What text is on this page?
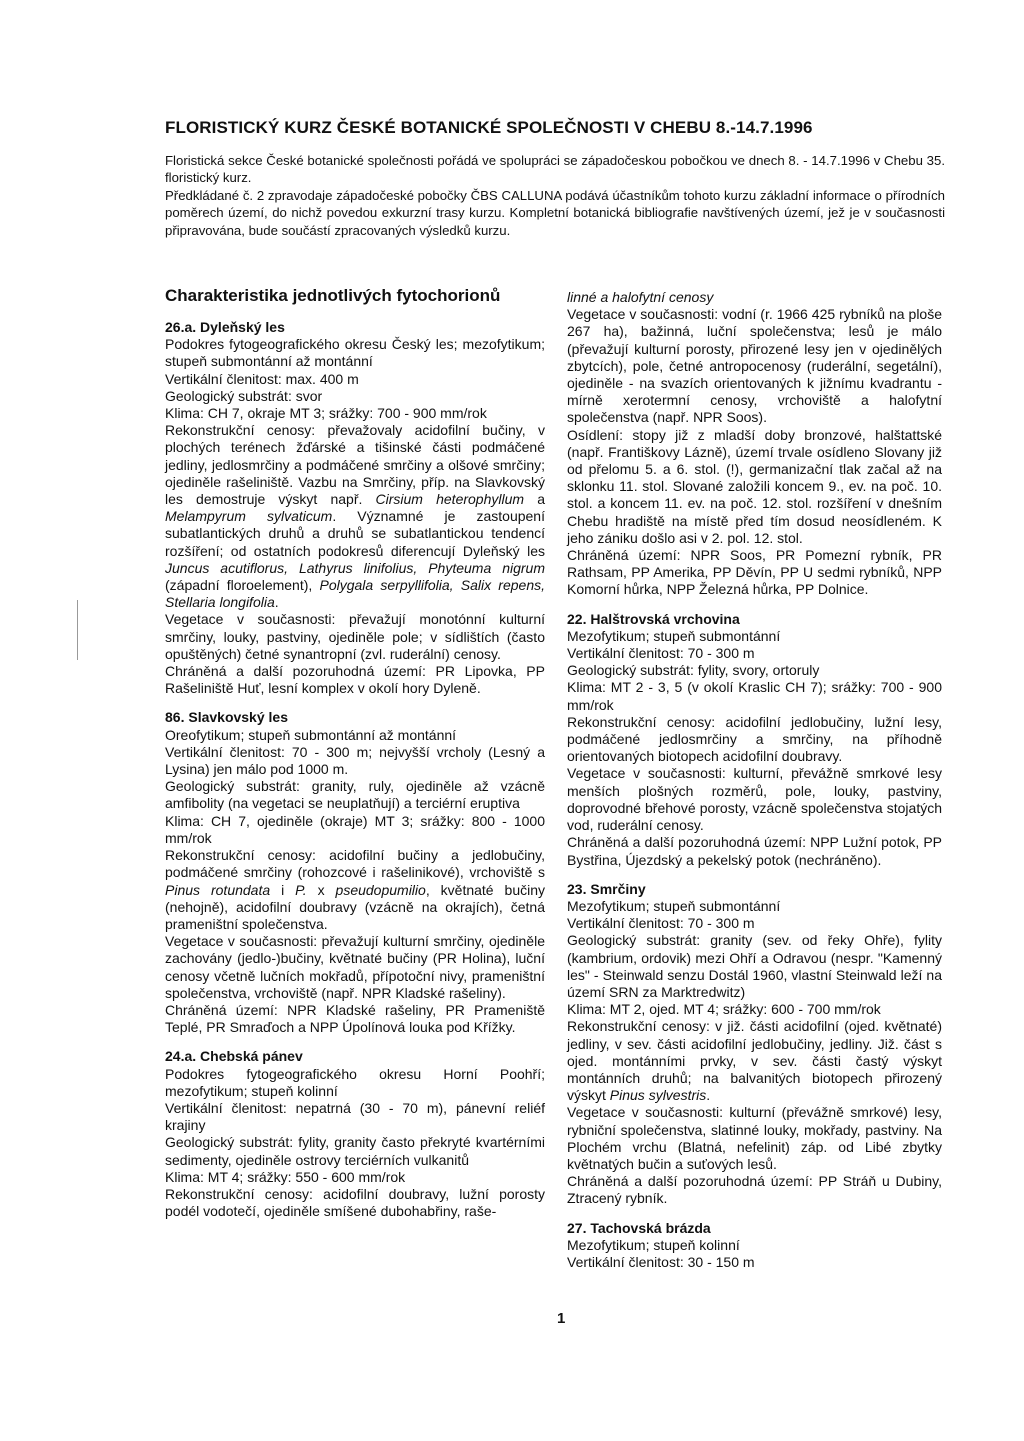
FLORISTICKÝ KURZ ČESKÉ BOTANICKÉ SPOLEČNOSTI V CHEBU 8.-14.7.1996

Floristická sekce České botanické společnosti pořádá ve spolupráci se západočeskou pobočkou ve dnech 8. - 14.7.1996 v Chebu 35. floristický kurz.

Předkládané č. 2 zpravodaje západočeské pobočky ČBS CALLUNA podává účastníkům tohoto kurzu základní informace o přírodních poměrech území, do nichž povedou exkurzní trasy kurzu. Kompletní botanická bibliografie navštívených území, jež je v současnosti připravována, bude součástí zpracovaných výsledků kurzu.

Charakteristika jednotlivých fytochorionů
26.a. Dyleňský les
Podokres fytogeografického okresu Český les; mezofytikum; stupeň submontánní až montánní
Vertikální členitost: max. 400 m
Geologický substrát: svor
Klima: CH 7, okraje MT 3; srážky: 700 - 900 mm/rok
Rekonstrukční cenosy: převažovaly acidofilní bučiny, v plochých terénech žďárské a tišinské části podmáčené jedliny, jedlosmrčiny a podmáčené smrčiny a olšové smrčiny; ojediněle rašeliniště. Vazbu na Smrčiny, příp. na Slavkovský les demostruje výskyt např. Cirsium heterophyllum a Melampyrum sylvaticum. Významné je zastoupení subatlantických druhů a druhů se subatlantickou tendencí rozšíření; od ostatních podokresů diferencují Dyleňský les Juncus acutiflorus, Lathyrus linifolius, Phyteuma nigrum (západní floroelement), Polygala serpyllifolia, Salix repens, Stellaria longifolia.
Vegetace v současnosti: převažují monotónní kulturní smrčiny, louky, pastviny, ojediněle pole; v sídlištích (často opuštěných) četné synantropní (zvl. ruderální) cenosy.
Chráněná a další pozoruhodná území: PR Lipovka, PP Rašeliniště Huť, lesní komplex v okolí hory Dyleně.
86. Slavkovský les
Oreofytikum; stupeň submontánní až montánní
Vertikální členitost: 70 - 300 m; nejvyšší vrcholy (Lesný a Lysina) jen málo pod 1000 m.
Geologický substrát: granity, ruly, ojediněle až vzácně amfibolity (na vegetaci se neuplatňují) a terciérní eruptiva
Klima: CH 7, ojediněle (okraje) MT 3; srážky: 800 - 1000 mm/rok
Rekonstrukční cenosy: acidofilní bučiny a jedlobučiny, podmáčené smrčiny (rohozcové i rašelinikové), vrchoviště s Pinus rotundata i P. x pseudopumilio, květnaté bučiny (nehojně), acidofilní doubravy (vzácně na okrajích), četná prameništní společenstva.
Vegetace v současnosti: převažují kulturní smrčiny, ojediněle zachovány (jedlo-)bučiny, květnaté bučiny (PR Holina), luční cenosy včetně lučních mokřadů, přípotoční nivy, prameništní společenstva, vrchoviště (např. NPR Kladské rašeliny).
Chráněná území: NPR Kladské rašeliny, PR Prameniště Teplé, PR Smraďoch a NPP Úpolínová louka pod Křížky.
24.a. Chebská pánev
Podokres fytogeografického okresu Horní Poohří; mezofytikum; stupeň kolinní
Vertikální členitost: nepatrná (30 - 70 m), pánevní reliéf krajiny
Geologický substrát: fylity, granity často překryté kvartérními sedimenty, ojediněle ostrovy terciérních vulkanitů
Klima: MT 4; srážky: 550 - 600 mm/rok
Rekonstrukční cenosy: acidofilní doubravy, lužní porosty podél vodotečí, ojediněle smíšené dubohabřiny, raše-
linné a halofytní cenosy
Vegetace v současnosti: vodní (r. 1966 425 rybníků na ploše 267 ha), bažinná, luční společenstva; lesů je málo (převažují kulturní porosty, přirozené lesy jen v ojedinělých zbytcích), pole, četné antropocenosy (ruderální, segetální), ojediněle - na svazích orientovaných k jižnímu kvadrantu - mírně xerotermní cenosy, vrchoviště a halofytní společenstva (např. NPR Soos).
Osídlení: stopy již z mladší doby bronzové, halštattské (např. Františkovy Lázně), území trvale osídleno Slovany již od přelomu 5. a 6. stol. (!), germanizační tlak začal až na sklonku 11. stol. Slované založili koncem 9., ev. na poč. 10. stol. a koncem 11. ev. na poč. 12. stol. rozšíření v dnešním Chebu hradiště na místě před tím dosud neosídleném. K jeho zániku došlo asi v 2. pol. 12. stol.
Chráněná území: NPR Soos, PR Pomezní rybník, PR Rathsam, PP Amerika, PP Děvín, PP U sedmi rybníků, NPP Komorní hůrka, NPP Železná hůrka, PP Dolnice.
22. Halštrovská vrchovina
Mezofytikum; stupeň submontánní
Vertikální členitost: 70 - 300 m
Geologický substrát: fylity, svory, ortoruly
Klima: MT 2 - 3, 5 (v okolí Kraslic CH 7); srážky: 700 - 900 mm/rok
Rekonstrukční cenosy: acidofilní jedlobučiny, lužní lesy, podmáčené jedlosmrčiny a smrčiny, na příhodně orientovaných biotopech acidofilní doubravy.
Vegetace v současnosti: kulturní, převážně smrkové lesy menších plošných rozměrů, pole, louky, pastviny, doprovodné břehové porosty, vzácně společenstva stojatých vod, ruderální cenosy.
Chráněná a další pozoruhodná území: NPP Lužní potok, PP Bystřina, Újezdský a pekelský potok (nechráněno).
23. Smrčiny
Mezofytikum; stupeň submontánní
Vertikální členitost: 70 - 300 m
Geologický substrát: granity (sev. od řeky Ohře), fylity (kambrium, ordovik) mezi Ohří a Odravou (nespr. "Kamenný les" - Steinwald senzu Dostál 1960, vlastní Steinwald leží na území SRN za Marktredwitz)
Klima: MT 2, ojed. MT 4; srážky: 600 - 700 mm/rok
Rekonstrukční cenosy: v již. části acidofilní (ojed. květnaté) jedliny, v sev. části acidofilní jedlobučiny, jedliny. Již. část s ojed. montánními prvky, v sev. části častý výskyt montánních druhů; na balvanitých biotopech přirozený výskyt Pinus sylvestris.
Vegetace v současnosti: kulturní (převážně smrkové) lesy, rybniční společenstva, slatinné louky, mokřady, pastviny. Na Plochém vrchu (Blatná, nefelinit) záp. od Libé zbytky květnatých bučin a suťových lesů.
Chráněná a další pozoruhodná území: PP Stráň u Dubiny, Ztracený rybník.
27. Tachovská brázda
Mezofytikum; stupeň kolinní
Vertikální členitost: 30 - 150 m
1
